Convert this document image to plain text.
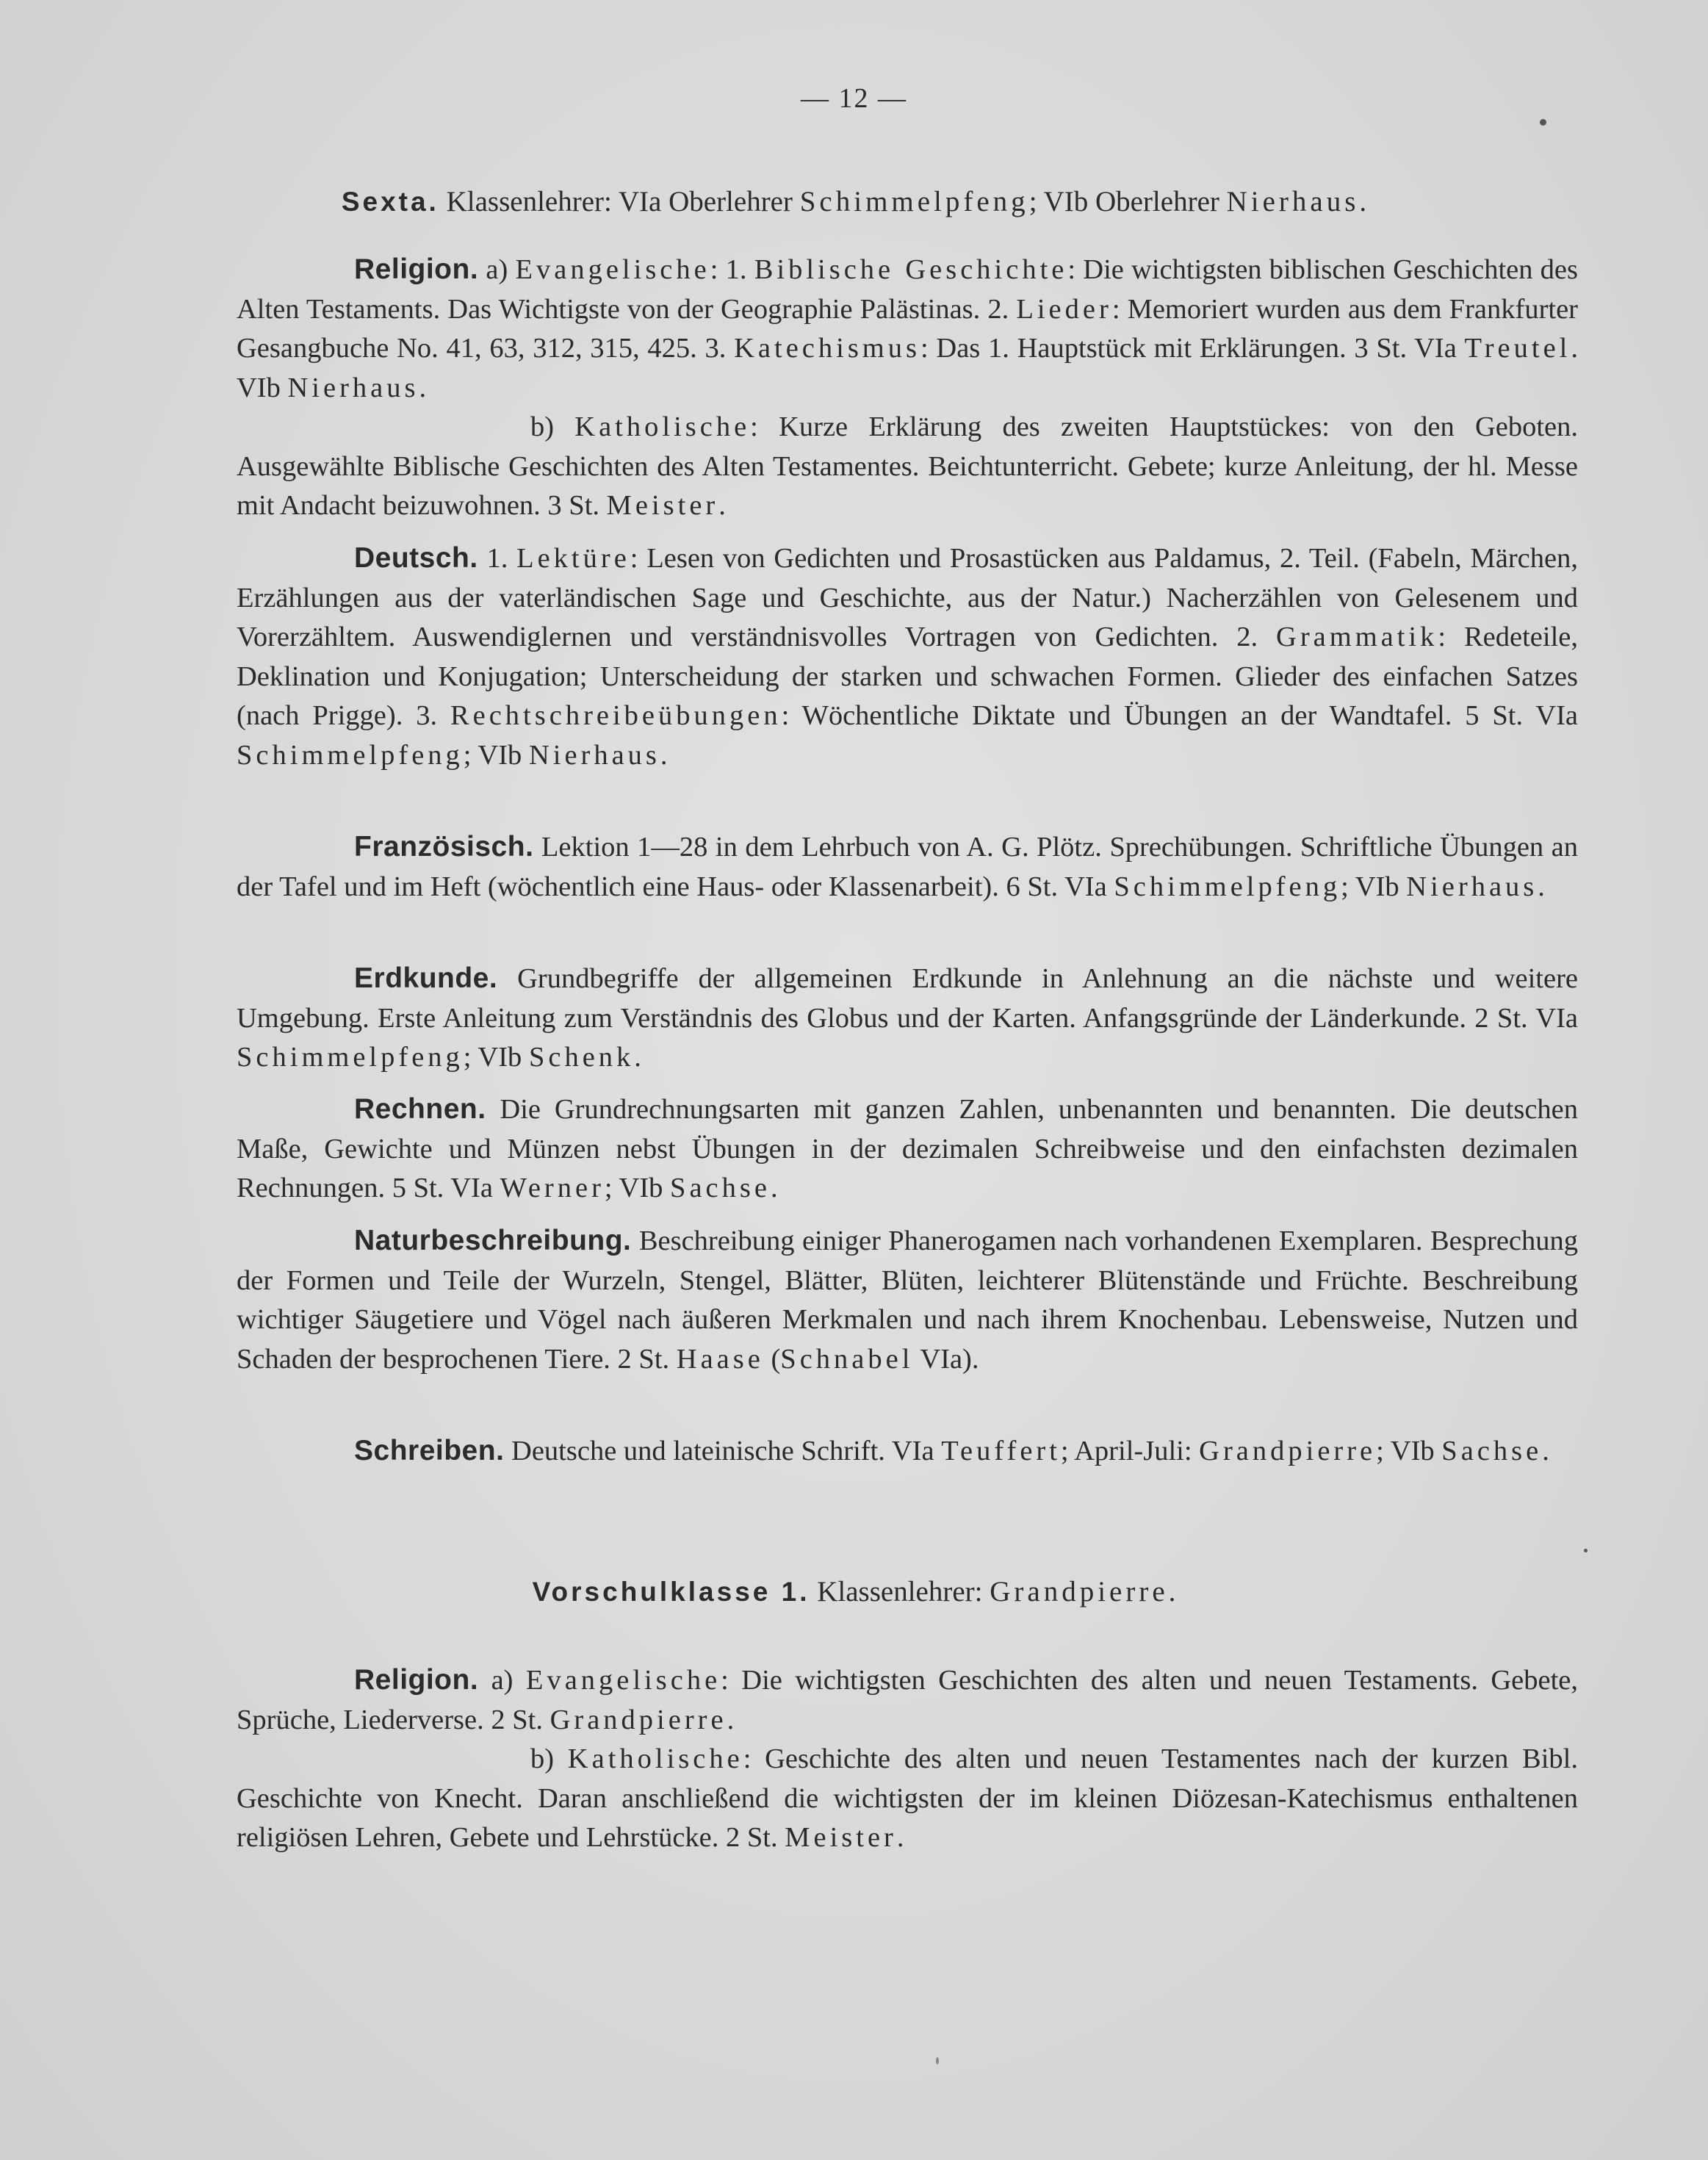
— 12 —
Sexta. Klassenlehrer: VIa Oberlehrer Schimmelpfeng; VIb Oberlehrer Nierhaus.

Religion. a) Evangelische: 1. Biblische Geschichte: Die wichtigsten biblischen Geschichten des Alten Testaments. Das Wichtigste von der Geographie Palästinas. 2. Lieder: Memoriert wurden aus dem Frankfurter Gesangbuche No. 41, 63, 312, 315, 425. 3. Katechismus: Das 1. Hauptstück mit Erklärungen. 3 St. VIa Treutel. VIb Nierhaus.

b) Katholische: Kurze Erklärung des zweiten Hauptstückes: von den Geboten. Ausgewählte Biblische Geschichten des Alten Testamentes. Beichtunterricht. Gebete; kurze Anleitung, der hl. Messe mit Andacht beizuwohnen. 3 St. Meister.

Deutsch. 1. Lektüre: Lesen von Gedichten und Prosastücken aus Paldamus, 2. Teil. (Fabeln, Märchen, Erzählungen aus der vaterländischen Sage und Geschichte, aus der Natur.) Nacherzählen von Gelesenem und Vorerzähltem. Auswendiglernen und verständnisvolles Vortragen von Gedichten. 2. Grammatik: Redeteile, Deklination und Konjugation; Unterscheidung der starken und schwachen Formen. Glieder des einfachen Satzes (nach Prigge). 3. Rechtschreibeübungen: Wöchentliche Diktate und Übungen an der Wandtafel. 5 St. VIa Schimmelpfeng; VIb Nierhaus.

Französisch. Lektion 1—28 in dem Lehrbuch von A. G. Plötz. Sprechübungen. Schriftliche Übungen an der Tafel und im Heft (wöchentlich eine Haus- oder Klassenarbeit). 6 St. VIa Schimmelpfeng; VIb Nierhaus.

Erdkunde. Grundbegriffe der allgemeinen Erdkunde in Anlehnung an die nächste und weitere Umgebung. Erste Anleitung zum Verständnis des Globus und der Karten. Anfangsgründe der Länderkunde. 2 St. VIa Schimmelpfeng; VIb Schenk.

Rechnen. Die Grundrechnungsarten mit ganzen Zahlen, unbenannten und benannten. Die deutschen Maße, Gewichte und Münzen nebst Übungen in der dezimalen Schreibweise und den einfachsten dezimalen Rechnungen. 5 St. VIa Werner; VIb Sachse.

Naturbeschreibung. Beschreibung einiger Phanerogamen nach vorhandenen Exemplaren. Besprechung der Formen und Teile der Wurzeln, Stengel, Blätter, Blüten, leichterer Blütenstände und Früchte. Beschreibung wichtiger Säugetiere und Vögel nach äußeren Merkmalen und nach ihrem Knochenbau. Lebensweise, Nutzen und Schaden der besprochenen Tiere. 2 St. Haase (Schnabel VIa).

Schreiben. Deutsche und lateinische Schrift. VIa Teuffert; April-Juli: Grandpierre; VIb Sachse.

Vorschulklasse 1. Klassenlehrer: Grandpierre.

Religion. a) Evangelische: Die wichtigsten Geschichten des alten und neuen Testaments. Gebete, Sprüche, Liederverse. 2 St. Grandpierre.

b) Katholische: Geschichte des alten und neuen Testamentes nach der kurzen Bibl. Geschichte von Knecht. Daran anschließend die wichtigsten der im kleinen Diözesan-Katechismus enthaltenen religiösen Lehren, Gebete und Lehrstücke. 2 St. Meister.
